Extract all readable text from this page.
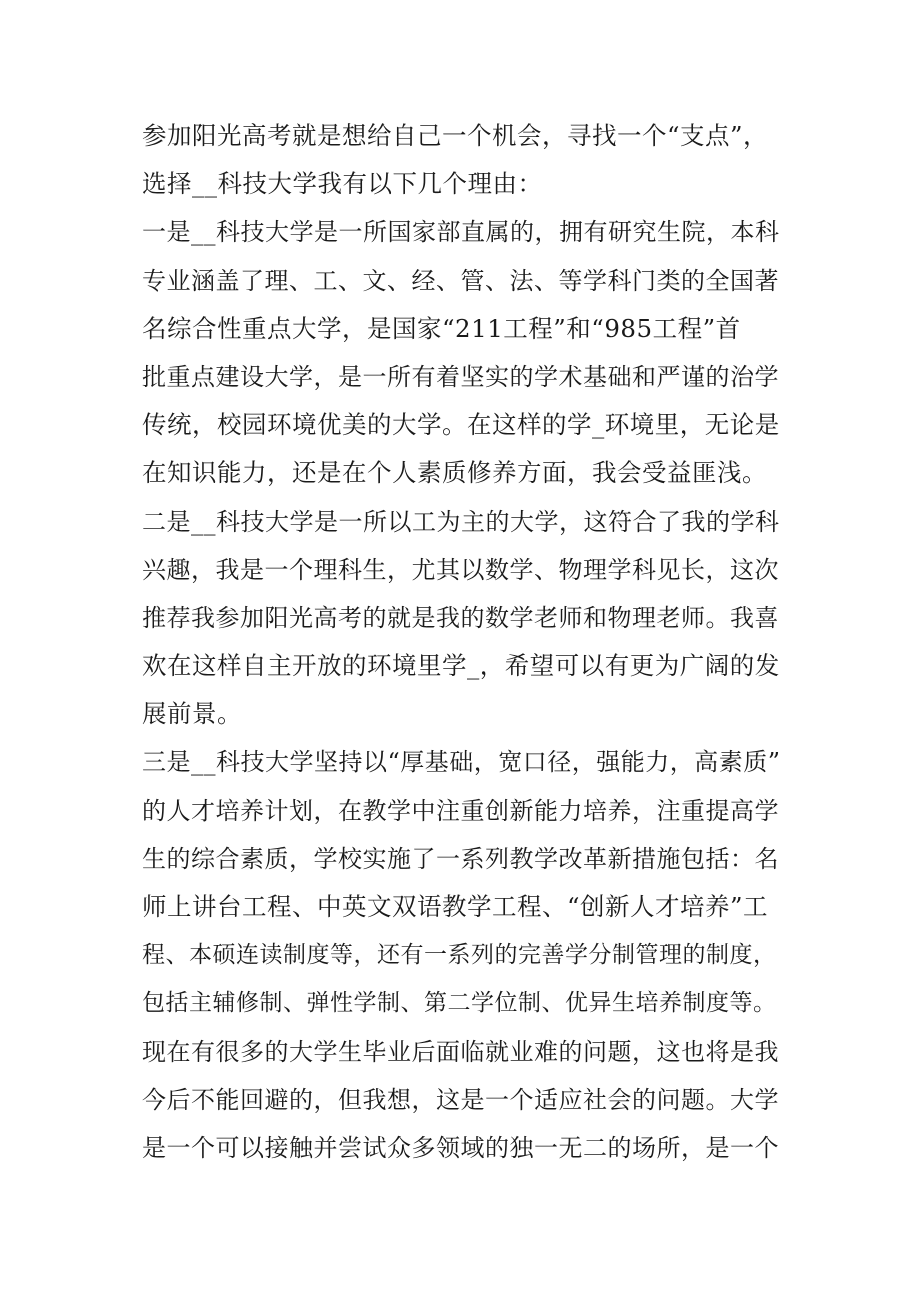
参加阳光高考就是想给自己一个机会，寻找一个“支点”，
选择__科技大学我有以下几个理由：
一是__科技大学是一所国家部直属的，拥有研究生院，本科
专业涵盖了理、工、文、经、管、法、等学科门类的全国著
名综合性重点大学，是国家“211工程”和“985工程”首
批重点建设大学，是一所有着坚实的学术基础和严谨的治学
传统，校园环境优美的大学。在这样的学_环境里，无论是
在知识能力，还是在个人素质修养方面，我会受益匪浅。
二是__科技大学是一所以工为主的大学，这符合了我的学科
兴趣，我是一个理科生，尤其以数学、物理学科见长，这次
推荐我参加阳光高考的就是我的数学老师和物理老师。我喜
欢在这样自主开放的环境里学_，希望可以有更为广阔的发
展前景。
三是__科技大学坚持以“厚基础，宽口径，强能力，高素质”
的人才培养计划，在教学中注重创新能力培养，注重提高学
生的综合素质，学校实施了一系列教学改革新措施包括：名
师上讲台工程、中英文双语教学工程、“创新人才培养”工
程、本硕连读制度等，还有一系列的完善学分制管理的制度，
包括主辅修制、弹性学制、第二学位制、优异生培养制度等。
现在有很多的大学生毕业后面临就业难的问题，这也将是我
今后不能回避的，但我想，这是一个适应社会的问题。大学
是一个可以接触并尝试众多领域的独一无二的场所，是一个
